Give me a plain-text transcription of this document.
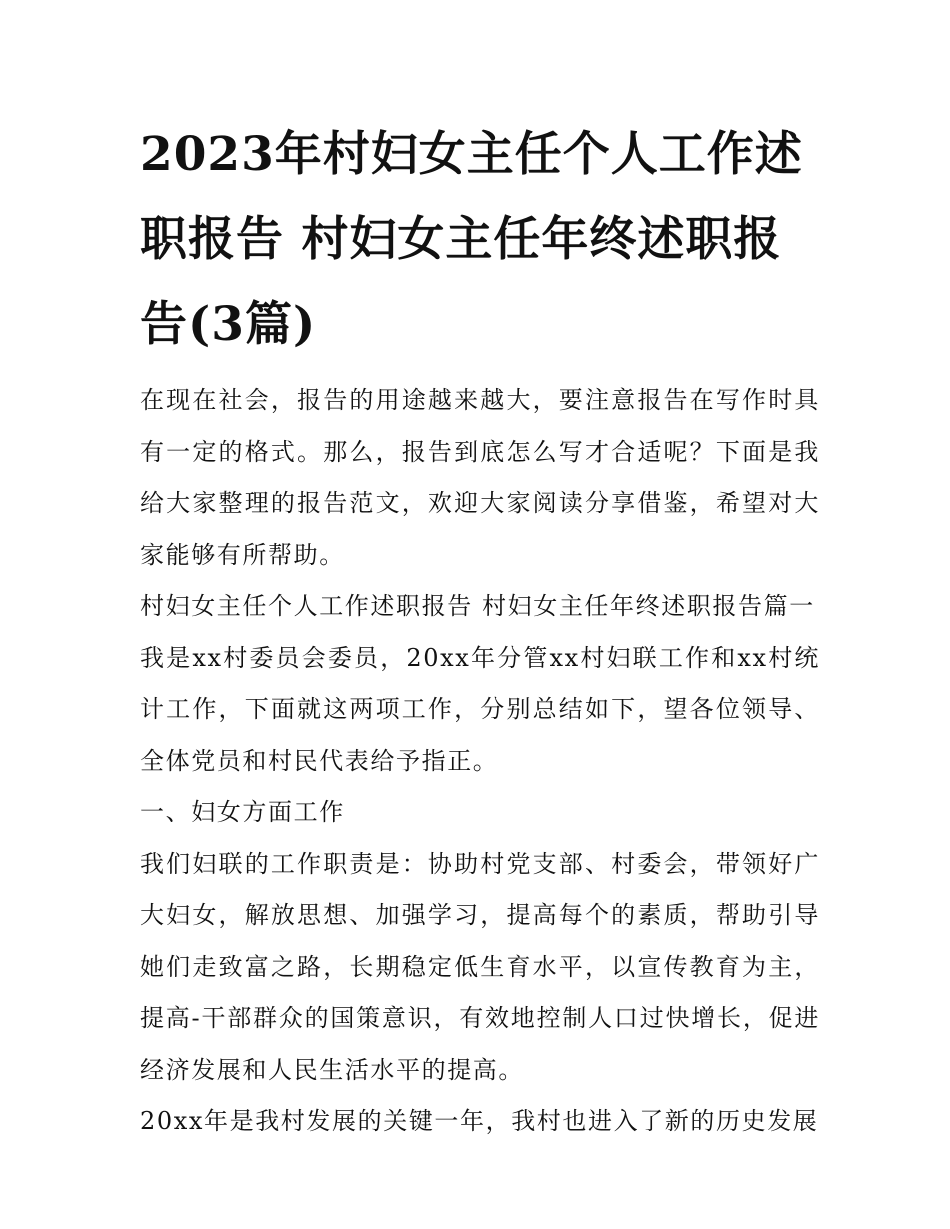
2023年村妇女主任个人工作述职报告 村妇女主任年终述职报告(3篇)

在现在社会，报告的用途越来越大，要注意报告在写作时具有一定的格式。那么，报告到底怎么写才合适呢？下面是我给大家整理的报告范文，欢迎大家阅读分享借鉴，希望对大家能够有所帮助。

村妇女主任个人工作述职报告 村妇女主任年终述职报告篇一

我是xx村委员会委员，20xx年分管xx村妇联工作和xx村统计工作，下面就这两项工作，分别总结如下，望各位领导、全体党员和村民代表给予指正。

一、妇女方面工作

我们妇联的工作职责是：协助村党支部、村委会，带领好广大妇女，解放思想、加强学习，提高每个的素质，帮助引导她们走致富之路，长期稳定低生育水平，以宣传教育为主，提高-干部群众的国策意识，有效地控制人口过快增长，促进经济发展和人民生活水平的提高。

20xx年是我村发展的关键一年，我村也进入了新的历史发展
